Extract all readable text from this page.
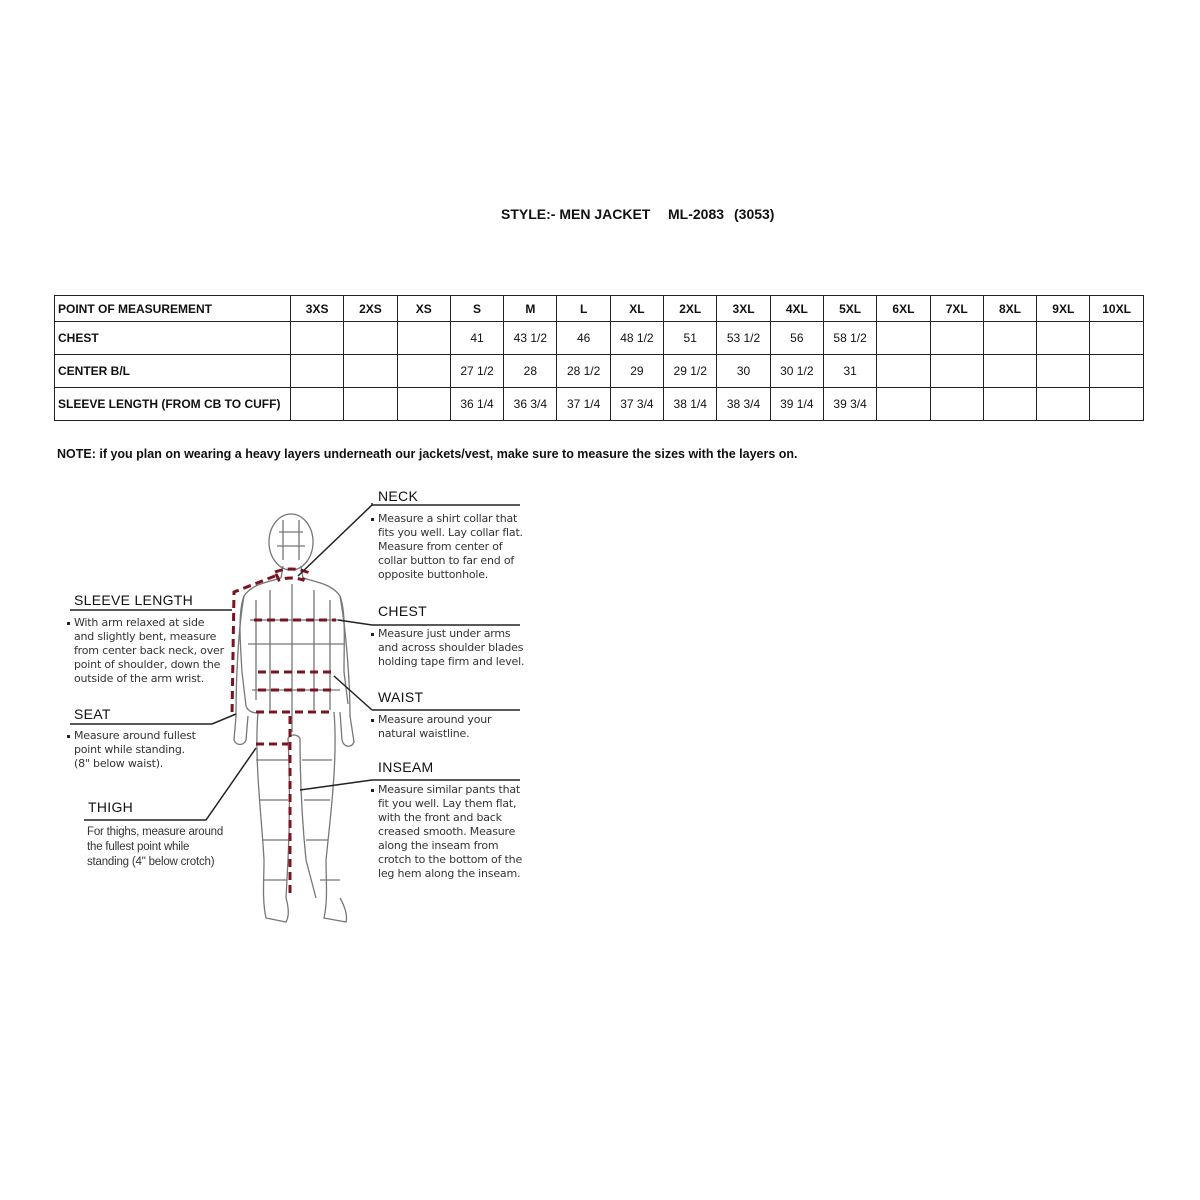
STYLE:- MEN JACKET ML-2083 (3053)
POINT OF MEASUREMENT	3XS	2XS	XS	S	M	L	XL	2XL	3XL	4XL	5XL	6XL	7XL	8XL	9XL	10XL
CHEST				41	43 1/2	46	48 1/2	51	53 1/2	56	58 1/2					
CENTER B/L				27 1/2	28	28 1/2	29	29 1/2	30	30 1/2	31					
SLEEVE LENGTH (FROM CB TO CUFF)				36 1/4	36 3/4	37 1/4	37 3/4	38 1/4	38 3/4	39 1/4	39 3/4					
NOTE: if you plan on wearing a heavy layers underneath our jackets/vest, make sure to measure the sizes with the layers on.
NECK
Measure a shirt collar that
fits you well. Lay collar flat.
Measure from center of
collar button to far end of
opposite buttonhole.
CHEST
Measure just under arms
and across shoulder blades
holding tape firm and level.
WAIST
Measure around your
natural waistline.
INSEAM
Measure similar pants that
fit you well. Lay them flat,
with the front and back
creased smooth. Measure
along the inseam from
crotch to the bottom of the
leg hem along the inseam.
SLEEVE LENGTH
With arm relaxed at side
and slightly bent, measure
from center back neck, over
point of shoulder, down the
outside of the arm wrist.
SEAT
Measure around fullest
point while standing.
(8" below waist).
THIGH
For thighs, measure around
the fullest point while
standing (4" below crotch)
